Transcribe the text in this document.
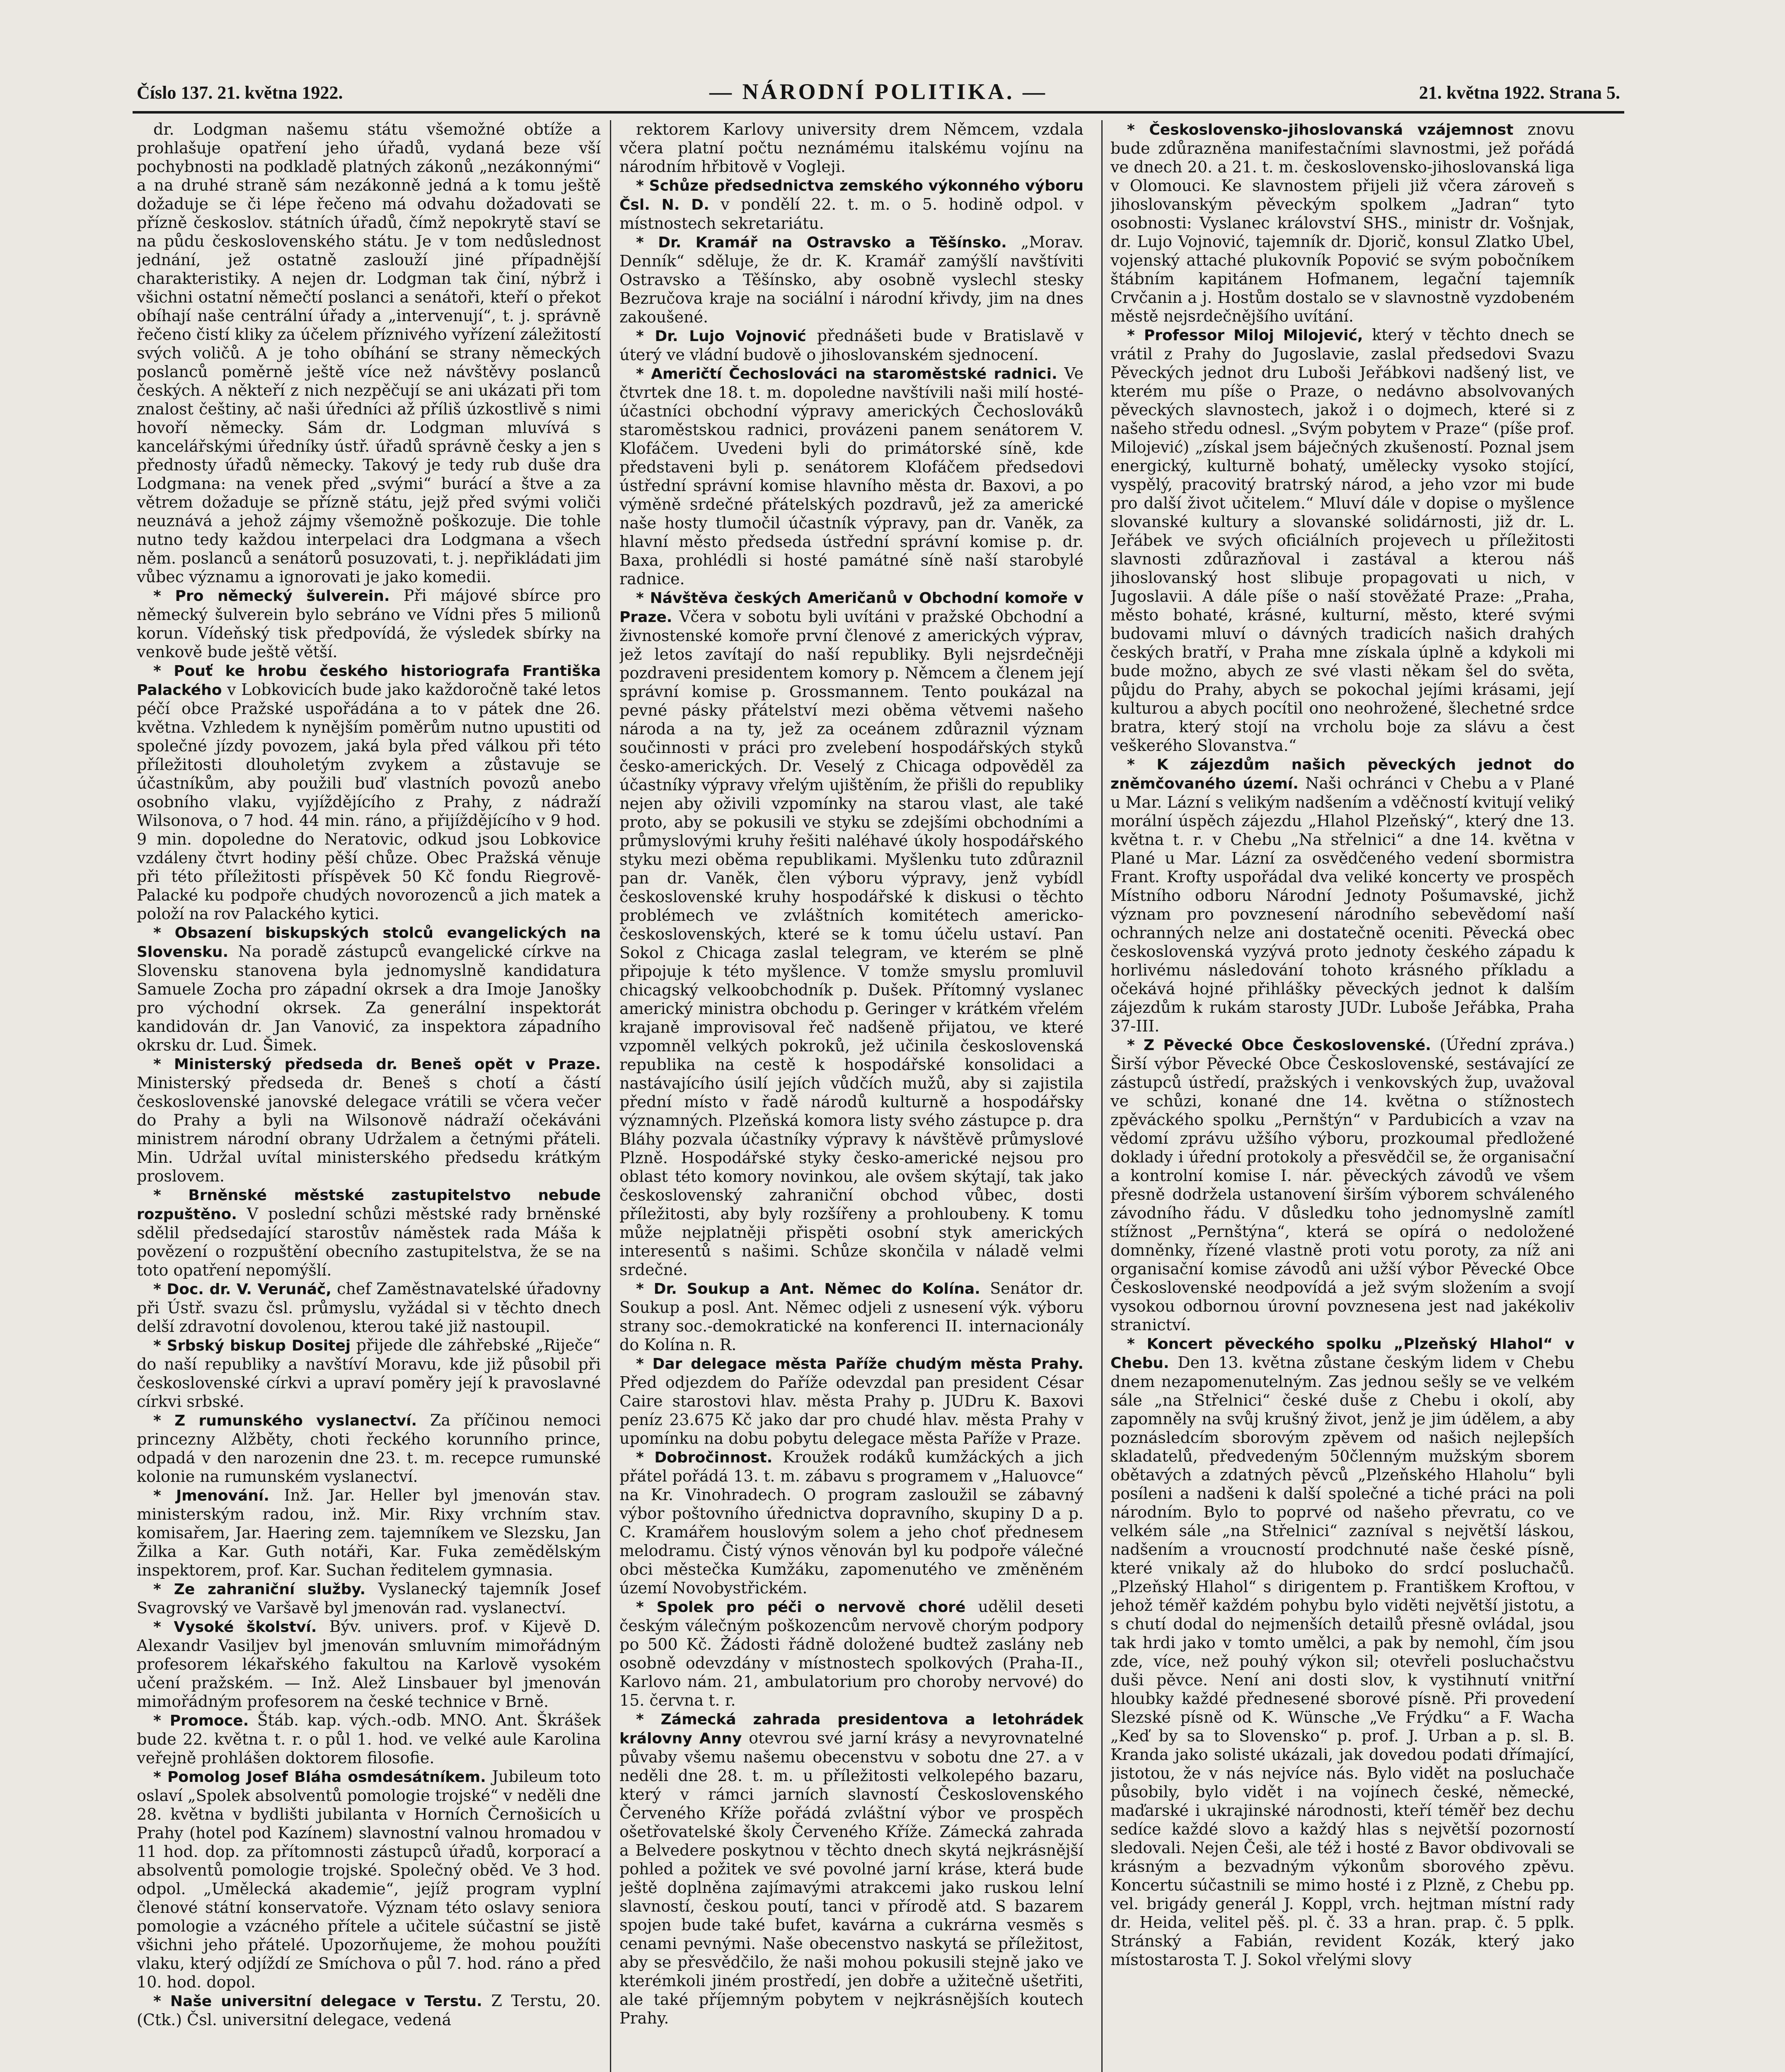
Číslo 137. 21. května 1922.	— NÁRODNÍ POLITIKA. —	21. května 1922. Strana 5.

dr. Lodgman našemu státu všemožné obtíže a prohlašuje opatření jeho úřadů, vydaná beze vší pochybnosti na podkladě platných zákonů „nezákonnými“ a na druhé straně sám nezákonně jedná a k tomu ještě dožaduje se či lépe řečeno má odvahu dožadovati se přízně českoslov. státních úřadů, čímž nepokrytě staví se na půdu československého státu. Je v tom nedůslednost jednání, jež ostatně zaslouží jiné případnější charakteristiky. A nejen dr. Lodgman tak činí, nýbrž i všichni ostatní němečtí poslanci a senátoři, kteří o překot obíhají naše centrální úřady a „intervenují“, t. j. správně řečeno čistí kliky za účelem příznivého vyřízení záležitostí svých voličů. A je toho obíhání se strany německých poslanců poměrně ještě více než návštěvy poslanců českých. A někteří z nich nezpěčují se ani ukázati při tom znalost češtiny, ač naši úředníci až příliš úzkostlivě s nimi hovoří německy. Sám dr. Lodgman mluvívá s kancelářskými úředníky ústř. úřadů správně česky a jen s přednosty úřadů německy. Takový je tedy rub duše dra Lodgmana: na venek před „svými“ burácí a štve a za větrem dožaduje se přízně státu, jejž před svými voliči neuznává a jehož zájmy všemožně poškozuje. Die tohle nutno tedy každou interpelaci dra Lodgmana a všech něm. poslanců a senátorů posuzovati, t. j. nepřikládati jim vůbec významu a ignorovati je jako komedii.

* Pro německý šulverein. Při májové sbírce pro německý šulverein bylo sebráno ve Vídni přes 5 milionů korun. Vídeňský tisk předpovídá, že výsledek sbírky na venkově bude ještě větší.

* Pouť ke hrobu českého historiografa Františka Palackého v Lobkovicích bude jako každoročně také letos péčí obce Pražské uspořádána a to v pátek dne 26. května. Vzhledem k nynějším poměrům nutno upustiti od společné jízdy povozem, jaká byla před válkou při této příležitosti dlouholetým zvykem a zůstavuje se účastníkům, aby použili buď vlastních povozů anebo osobního vlaku, vyjíždějícího z Prahy, z nádraží Wilsonova, o 7 hod. 44 min. ráno, a přijíždějícího v 9 hod. 9 min. dopoledne do Neratovic, odkud jsou Lobkovice vzdáleny čtvrt hodiny pěší chůze. Obec Pražská věnuje při této příležitosti příspěvek 50 Kč fondu Riegrově-Palacké ku podpoře chudých novorozenců a jich matek a položí na rov Palackého kytici.

* Obsazení biskupských stolců evangelických na Slovensku. Na poradě zástupců evangelické církve na Slovensku stanovena byla jednomyslně kandidatura Samuele Zocha pro západní okrsek a dra Imoje Janošky pro východní okrsek. Za generální inspektorát kandidován dr. Jan Vanović, za inspektora západního okrsku dr. Lud. Šimek.

* Ministerský předseda dr. Beneš opět v Praze. Ministerský předseda dr. Beneš s chotí a částí československé janovské delegace vrátili se včera večer do Prahy a byli na Wilsonově nádraží očekáváni ministrem národní obrany Udržalem a četnými přáteli. Min. Udržal uvítal ministerského předsedu krátkým proslovem.

* Brněnské městské zastupitelstvo nebude rozpuštěno. V poslední schůzi městské rady brněnské sdělil předsedající starostův náměstek rada Máša k povězení o rozpuštění obecního zastupitelstva, že se na toto opatření nepomýšlí.

* Doc. dr. V. Verunáč, chef Zaměstnavatelské úřadovny při Ústř. svazu čsl. průmyslu, vyžádal si v těchto dnech delší zdravotní dovolenou, kterou také již nastoupil.

* Srbský biskup Dositej přijede dle záhřebské „Riječe“ do naší republiky a navštíví Moravu, kde již působil při československé církvi a upraví poměry její k pravoslavné církvi srbské.

* Z rumunského vyslanectví. Za příčinou nemoci princezny Alžběty, choti řeckého korunního prince, odpadá v den narozenin dne 23. t. m. recepce rumunské kolonie na rumunském vyslanectví.

* Jmenování. Inž. Jar. Heller byl jmenován stav. ministerským radou, inž. Mir. Rixy vrchním stav. komisařem, Jar. Haering zem. tajemníkem ve Slezsku, Jan Žilka a Kar. Guth notáři, Kar. Fuka zemědělským inspektorem, prof. Kar. Suchan ředitelem gymnasia.

* Ze zahraniční služby. Vyslanecký tajemník Josef Svagrovský ve Varšavě byl jmenován rad. vyslanectví.

* Vysoké školství. Býv. univers. prof. v Kijevě D. Alexandr Vasiljev byl jmenován smluvním mimořádným profesorem lékařského fakultou na Karlově vysokém učení pražském. — Inž. Alež Linsbauer byl jmenován mimořádným profesorem na české technice v Brně.

* Promoce. Štáb. kap. vých.-odb. MNO. Ant. Škrášek bude 22. května t. r. o půl 1. hod. ve velké aule Karolina veřejně prohlášen doktorem filosofie.

* Pomolog Josef Bláha osmdesátníkem. Jubileum toto oslaví „Spolek absolventů pomologie trojské“ v neděli dne 28. května v bydlišti jubilanta v Horních Černošicích u Prahy (hotel pod Kazínem) slavnostní valnou hromadou v 11 hod. dop. za přítomnosti zástupců úřadů, korporací a absolventů pomologie trojské. Společný oběd. Ve 3 hod. odpol. „Umělecká akademie“, jejíž program vyplní členové státní konservatoře. Význam této oslavy seniora pomologie a vzácného přítele a učitele súčastní se jistě všichni jeho přátelé. Upozorňujeme, že mohou použíti vlaku, který odjíždí ze Smíchova o půl 7. hod. ráno a před 10. hod. dopol.

* Naše universitní delegace v Terstu. Z Terstu, 20. (Ctk.) Čsl. universitní delegace, vedená

rektorem Karlovy university drem Němcem, vzdala včera platní počtu neznámému italskému vojínu na národním hřbitově v Vogleji.

* Schůze předsednictva zemského výkonného výboru Čsl. N. D. v pondělí 22. t. m. o 5. hodině odpol. v místnostech sekretariátu.

* Dr. Kramář na Ostravsko a Těšínsko. „Morav. Denník“ sděluje, že dr. K. Kramář zamýšlí navštíviti Ostravsko a Těšínsko, aby osobně vyslechl stesky Bezručova kraje na sociální i národní křivdy, jim na dnes zakoušené.

* Dr. Lujo Vojnović přednášeti bude v Bratislavě v úterý ve vládní budově o jihoslovanském sjednocení.

* Američtí Čechoslováci na staroměstské radnici. Ve čtvrtek dne 18. t. m. dopoledne navštívili naši milí hosté-účastníci obchodní výpravy amerických Čechoslováků staroměstskou radnici, provázeni panem senátorem V. Klofáčem. Uvedeni byli do primátorské síně, kde představeni byli p. senátorem Klofáčem předsedovi ústřední správní komise hlavního města dr. Baxovi, a po výměně srdečné přátelských pozdravů, jež za americké naše hosty tlumočil účastník výpravy, pan dr. Vaněk, za hlavní město předseda ústřední správní komise p. dr. Baxa, prohlédli si hosté památné síně naší starobylé radnice.

* Návštěva českých Američanů v Obchodní komoře v Praze. Včera v sobotu byli uvítáni v pražské Obchodní a živnostenské komoře první členové z amerických výprav, jež letos zavítají do naší republiky. Byli nejsrdečněji pozdraveni presidentem komory p. Němcem a členem její správní komise p. Grossmannem. Tento poukázal na pevné pásky přátelství mezi oběma větvemi našeho národa a na ty, jež za oceánem zdůraznil význam součinnosti v práci pro zvelebení hospodářských styků česko-amerických. Dr. Veselý z Chicaga odpověděl za účastníky výpravy vřelým ujištěním, že přišli do republiky nejen aby oživili vzpomínky na starou vlast, ale také proto, aby se pokusili ve styku se zdejšími obchodními a průmyslovými kruhy řešiti naléhavé úkoly hospodářského styku mezi oběma republikami. Myšlenku tuto zdůraznil pan dr. Vaněk, člen výboru výpravy, jenž vybídl československé kruhy hospodářské k diskusi o těchto problémech ve zvláštních komitétech americko-československých, které se k tomu účelu ustaví. Pan Sokol z Chicaga zaslal telegram, ve kterém se plně připojuje k této myšlence. V tomže smyslu promluvil chicagský velkoobchodník p. Dušek. Přítomný vyslanec americký ministra obchodu p. Geringer v krátkém vřelém krajaně improvisoval řeč nadšeně přijatou, ve které vzpomněl velkých pokroků, jež učinila československá republika na cestě k hospodářské konsolidaci a nastávajícího úsilí jejích vůdčích mužů, aby si zajistila přední místo v řadě národů kulturně a hospodářsky významných. Plzeňská komora listy svého zástupce p. dra Bláhy pozvala účastníky výpravy k návštěvě průmyslové Plzně. Hospodářské styky česko-americké nejsou pro oblast této komory novinkou, ale ovšem skýtají, tak jako československý zahraniční obchod vůbec, dosti příležitosti, aby byly rozšířeny a prohloubeny. K tomu může nejplatněji přispěti osobní styk amerických interesentů s našimi. Schůze skončila v náladě velmi srdečné.

* Dr. Soukup a Ant. Němec do Kolína. Senátor dr. Soukup a posl. Ant. Němec odjeli z usnesení výk. výboru strany soc.-demokratické na konferenci II. internacionály do Kolína n. R.

* Dar delegace města Paříže chudým města Prahy. Před odjezdem do Paříže odevzdal pan president César Caire starostovi hlav. města Prahy p. JUDru K. Baxovi peníz 23.675 Kč jako dar pro chudé hlav. města Prahy v upomínku na dobu pobytu delegace města Paříže v Praze.

* Dobročinnost. Kroužek rodáků kumžáckých a jich přátel pořádá 13. t. m. zábavu s programem v „Haluovce“ na Kr. Vinohradech. O program zasloužil se zábavný výbor poštovního úřednictva dopravního, skupiny D a p. C. Kramářem houslovým solem a jeho choť přednesem melodramu. Čistý výnos věnován byl ku podpoře válečné obci městečka Kumžáku, zapomenutého ve změněném území Novobystřickém.

* Spolek pro péči o nervově choré udělil deseti českým válečným poškozencům nervově chorým podpory po 500 Kč. Žádosti řádně doložené budtež zaslány neb osobně odevzdány v místnostech spolkových (Praha-II., Karlovo nám. 21, ambulatorium pro choroby nervové) do 15. června t. r.

* Zámecká zahrada presidentova a letohrádek královny Anny otevrou své jarní krásy a nevyrovnatelné půvaby všemu našemu obecenstvu v sobotu dne 27. a v neděli dne 28. t. m. u příležitosti velkolepého bazaru, který v rámci jarních slavností Československého Červeného Kříže pořádá zvláštní výbor ve prospěch ošetřovatelské školy Červeného Kříže. Zámecká zahrada a Belvedere poskytnou v těchto dnech skytá nejkrásnější pohled a požitek ve své povolné jarní kráse, která bude ještě doplněna zajímavými atrakcemi jako ruskou lelní slavností, českou poutí, tanci v přírodě atd. S bazarem spojen bude také bufet, kavárna a cukrárna vesměs s cenami pevnými. Naše obecenstvo naskytá se příležitost, aby se přesvědčilo, že naši mohou pokusili stejně jako ve kterémkoli jiném prostředí, jen dobře a užitečně ušetřiti, ale také příjemným pobytem v nejkrásnějších koutech Prahy.

* Československo-jihoslovanská vzájemnost znovu bude zdůrazněna manifestačními slavnostmi, jež pořádá ve dnech 20. a 21. t. m. československo-jihoslovanská liga v Olomouci. Ke slavnostem přijeli již včera zároveň s jihoslovanským pěveckým spolkem „Jadran“ tyto osobnosti: Vyslanec království SHS., ministr dr. Vošnjak, dr. Lujo Vojnović, tajemník dr. Djorič, konsul Zlatko Ubel, vojenský attaché plukovník Popović se svým pobočníkem štábním kapitánem Hofmanem, legační tajemník Crvčanin a j. Hostům dostalo se v slavnostně vyzdobeném městě nejsrdečnějšího uvítání.

* Professor Miloj Milojević, který v těchto dnech se vrátil z Prahy do Jugoslavie, zaslal předsedovi Svazu Pěveckých jednot dru Luboši Jeřábkovi nadšený list, ve kterém mu píše o Praze, o nedávno absolvovaných pěveckých slavnostech, jakož i o dojmech, které si z našeho středu odnesl. „Svým pobytem v Praze“ (píše prof. Milojević) „získal jsem báječných zkušeností. Poznal jsem energický, kulturně bohatý, umělecky vysoko stojící, vyspělý, pracovitý bratrský národ, a jeho vzor mi bude pro další život učitelem.“ Mluví dále v dopise o myšlence slovanské kultury a slovanské solidárnosti, již dr. L. Jeřábek ve svých oficiálních projevech u příležitosti slavnosti zdůrazňoval i zastával a kterou náš jihoslovanský host slibuje propagovati u nich, v Jugoslavii. A dále píše o naší stověžaté Praze: „Praha, město bohaté, krásné, kulturní, město, které svými budovami mluví o dávných tradicích našich drahých českých bratří, v Praha mne získala úplně a kdykoli mi bude možno, abych ze své vlasti někam šel do světa, půjdu do Prahy, abych se pokochal jejími krásami, její kulturou a abych pocítil ono neohrožené, šlechetné srdce bratra, který stojí na vrcholu boje za slávu a čest veškerého Slovanstva.“

* K zájezdům našich pěveckých jednot do zněmčovaného území. Naši ochránci v Chebu a v Plané u Mar. Lázní s velikým nadšením a vděčností kvitují veliký morální úspěch zájezdu „Hlahol Plzeňský“, který dne 13. května t. r. v Chebu „Na střelnici“ a dne 14. května v Plané u Mar. Lázní za osvědčeného vedení sbormistra Frant. Krofty uspořádal dva veliké koncerty ve prospěch Místního odboru Národní Jednoty Pošumavské, jichž význam pro povznesení národního sebevědomí naší ochranných nelze ani dostatečně oceniti. Pěvecká obec československá vyzývá proto jednoty českého západu k horlivému následování tohoto krásného příkladu a očekává hojné přihlášky pěveckých jednot k dalším zájezdům k rukám starosty JUDr. Luboše Jeřábka, Praha 37-III.

* Z Pěvecké Obce Československé. (Úřední zpráva.) Širší výbor Pěvecké Obce Československé, sestávající ze zástupců ústředí, pražských i venkovských žup, uvažoval ve schůzi, konané dne 14. května o stížnostech zpěváckého spolku „Pernštýn“ v Pardubicích a vzav na vědomí zprávu užšího výboru, prozkoumal předložené doklady i úřední protokoly a přesvědčil se, že organisační a kontrolní komise I. nár. pěveckých závodů ve všem přesně dodržela ustanovení širším výborem schváleného závodního řádu. V důsledku toho jednomyslně zamítl stížnost „Pernštýna“, která se opírá o nedoložené domněnky, řízené vlastně proti votu poroty, za níž ani organisační komise závodů ani užší výbor Pěvecké Obce Československé neodpovídá a jež svým složením a svojí vysokou odbornou úrovní povznesena jest nad jakékoliv stranictví.

* Koncert pěveckého spolku „Plzeňský Hlahol“ v Chebu. Den 13. května zůstane českým lidem v Chebu dnem nezapomenutelným. Zas jednou sešly se ve velkém sále „na Střelnici“ české duše z Chebu i okolí, aby zapomněly na svůj krušný život, jenž je jim údělem, a aby poznásledcím sborovým zpěvem od našich nejlepších skladatelů, předvedeným 50členným mužským sborem obětavých a zdatných pěvců „Plzeňského Hlaholu“ byli posíleni a nadšeni k další společné a tiché práci na poli národním. Bylo to poprvé od našeho převratu, co ve velkém sále „na Střelnici“ zazníval s největší láskou, nadšením a vroucností prodchnuté naše české písně, které vnikaly až do hluboko do srdcí posluchačů. „Plzeňský Hlahol“ s dirigentem p. Františkem Kroftou, v jehož téměř každém pohybu bylo viděti největší jistotu, a s chutí dodal do nejmenších detailů přesně ovládal, jsou tak hrdi jako v tomto umělci, a pak by nemohl, čím jsou zde, více, než pouhý výkon sil; otevřeli posluchačstvu duši pěvce. Není ani dosti slov, k vystihnutí vnitřní hloubky každé přednesené sborové písně. Při provedení Slezské písně od K. Wünsche „Ve Frýdku“ a F. Wacha „Keď by sa to Slovensko“ p. prof. J. Urban a p. sl. B. Kranda jako solisté ukázali, jak dovedou podati dřímající, jistotou, že v nás nejvíce nás. Bylo vidět na posluchače působily, bylo vidět i na vojínech české, německé, maďarské i ukrajinské národnosti, kteří téměř bez dechu sedíce každé slovo a každý hlas s největší pozorností sledovali. Nejen Češi, ale též i hosté z Bavor obdivovali se krásným a bezvadným výkonům sborového zpěvu. Koncertu súčastnili se mimo hosté i z Plzně, z Chebu pp. vel. brigády generál J. Koppl, vrch. hejtman místní rady dr. Heida, velitel pěš. pl. č. 33 a hran. prap. č. 5 pplk. Stránský a Fabián, revident Kozák, který jako místostarosta T. J. Sokol vřelými slovy
